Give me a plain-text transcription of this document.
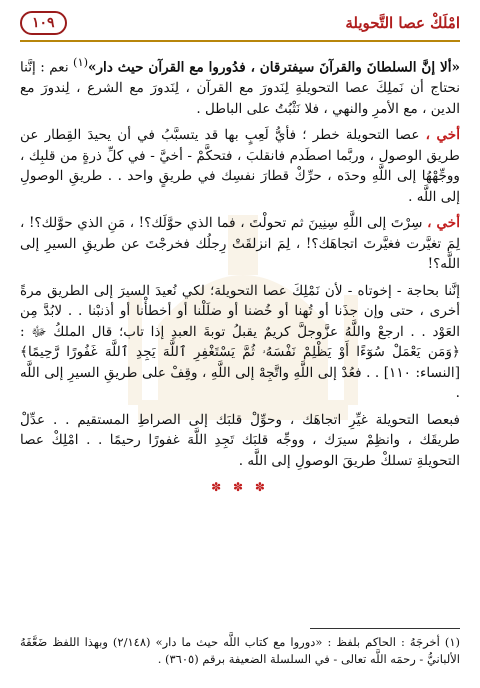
١٠٩	امْلَكْ عصا التَّحويلة

«ألا إنَّ السلطانَ والقرآنَ سيفترقان ، فدُوروا مع القرآن حيث دار»$^{(١)}$ نعم : إنَّنا نحتاج أن نَملِكَ عصا التحويلةِ لِنَدورَ مع القرآن ، لِنَدورَ مع الشرع ، لِندورَ مع الدين ، مع الأمرِ والنهي ، فلا نَثْبُتُ على الباطل .

أخي ، عصا التحويلة خطر ؛ فأيُّ لَعِبٍ بها قد يتسبَّبُ في أن يحيدَ القِطار عن طريق الوصول ، وربَّما اصطَدم فانقلبَ ، فتحكَّمْ - أخيَّ - في كلِّ ذرةٍ من قلبِك ، ووجِّهْهُا إلى اللَّهِ وحدَه ، حرِّكْ قطارَ نفسِك في طريقٍ واحد . . طريقِ الوصولِ إلى اللَّه .

أخي ، سِرْتَ إلى اللَّهِ سِنِينَ ثم تحولْتَ ، فما الذي حوَّلَك؟! ، مَنِ الذي حوَّلك؟! ، لِمَ تغيَّرت فغيَّرتَ اتجاهَك؟! ، لِمَ انزلقَتْ رِجلُك فخرجْتَ عن طريقِ السيرِ إلى اللَّه؟!

إنَّنا بحاجة - إخوتاه - لأن نَمْلِكَ عصا التحويلة؛ لكي نُعيدَ السيرَ إلى الطريق مرةً أخرى ، حتى وإن جذَنا أو تُهنا أو خُضنا أو ضلَلْنا أو أخطأْنا أو أذنبْنا . . لابُدَّ مِن العَوْد . . ارجعْ واللَّهُ عزَّوجلَّ كريمٌ يقبلُ توبةَ العبدِ إذا تاب؛ قال الملكُ ﷻ : ﴿وَمَن يَعْمَلْ سُوٓءًا أَوْ يَظْلِمْ نَفْسَهُۥ ثُمَّ يَسْتَغْفِرِ ٱللَّهَ يَجِدِ ٱللَّهَ غَفُورًا رَّحِيمًا﴾ [النساء: ١١٠] . . فعُدْ إلى اللَّهِ واتَّجِهْ إلى اللَّهِ ، وقِفْ على طريقِ السيرِ إلى اللَّه .

فبعصا التحويلة غيِّرِ اتجاهَك ، وحوِّلْ قلبَك إلى الصراطِ المستقيم . . عدِّلْ طريقَك ، وانظِمْ سيرَك ، ووجِّه قلبَك تَجِدِ اللَّهَ غفورًا رحيمًا . . امْلِكْ عصا التحويلةِ تسلكْ طريقَ الوصولِ إلى اللَّه .

✽ ✽ ✽
(١) أخرجَهُ : الحاكم بلفظ : «دوروا مع كتاب اللَّه حيث ما دار» (٢/١٤٨) وبهذا اللفظ ضَعَّفَهُ الألبانيُّ - رحمَه اللَّه تعالى - في السلسلة الضعيفة برقم (٣٦٠٥) .
